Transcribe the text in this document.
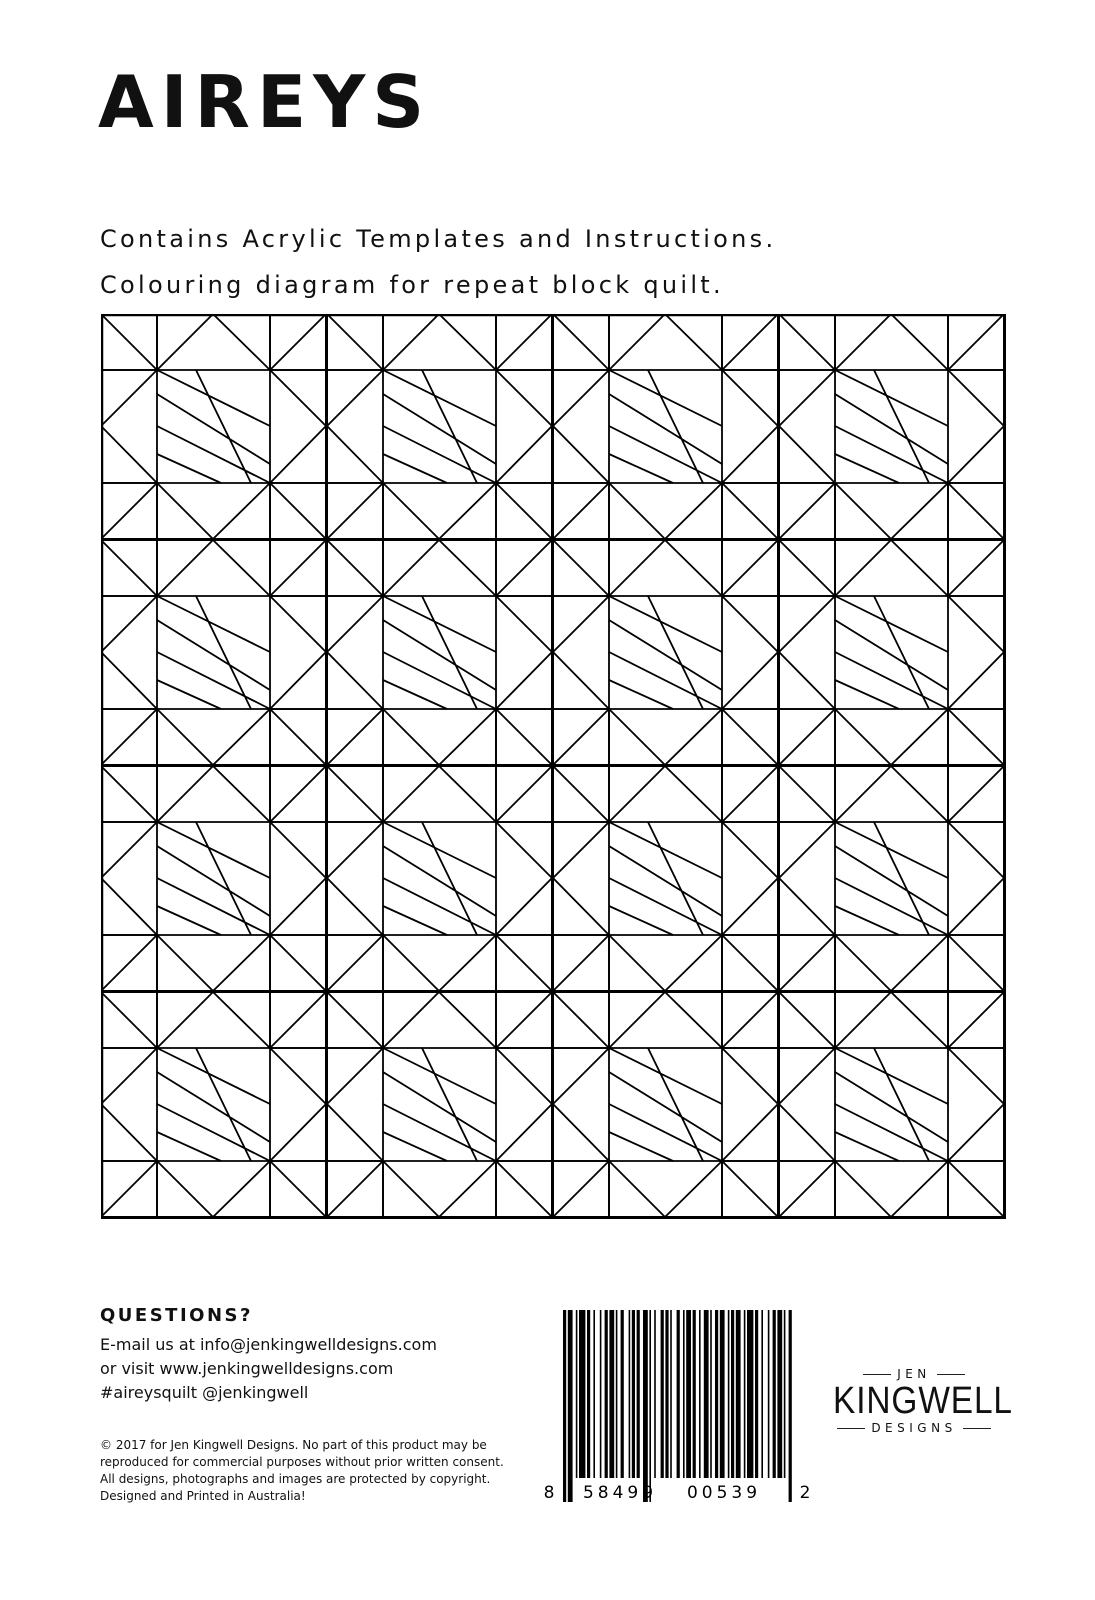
AIREYS

Contains Acrylic Templates and Instructions.

Colouring diagram for repeat block quilt.

QUESTIONS?

E-mail us at info@jenkingwelldesigns.com

or visit www.jenkingwelldesigns.com

#aireysquilt @jenkingwell

© 2017 for Jen Kingwell Designs. No part of this product may be

reproduced for commercial purposes without prior written consent.

All designs, photographs and images are protected by copyright.

Designed and Printed in Australia!	8 58499 00539 2
JEN
KINGWELL
DESIGNS
